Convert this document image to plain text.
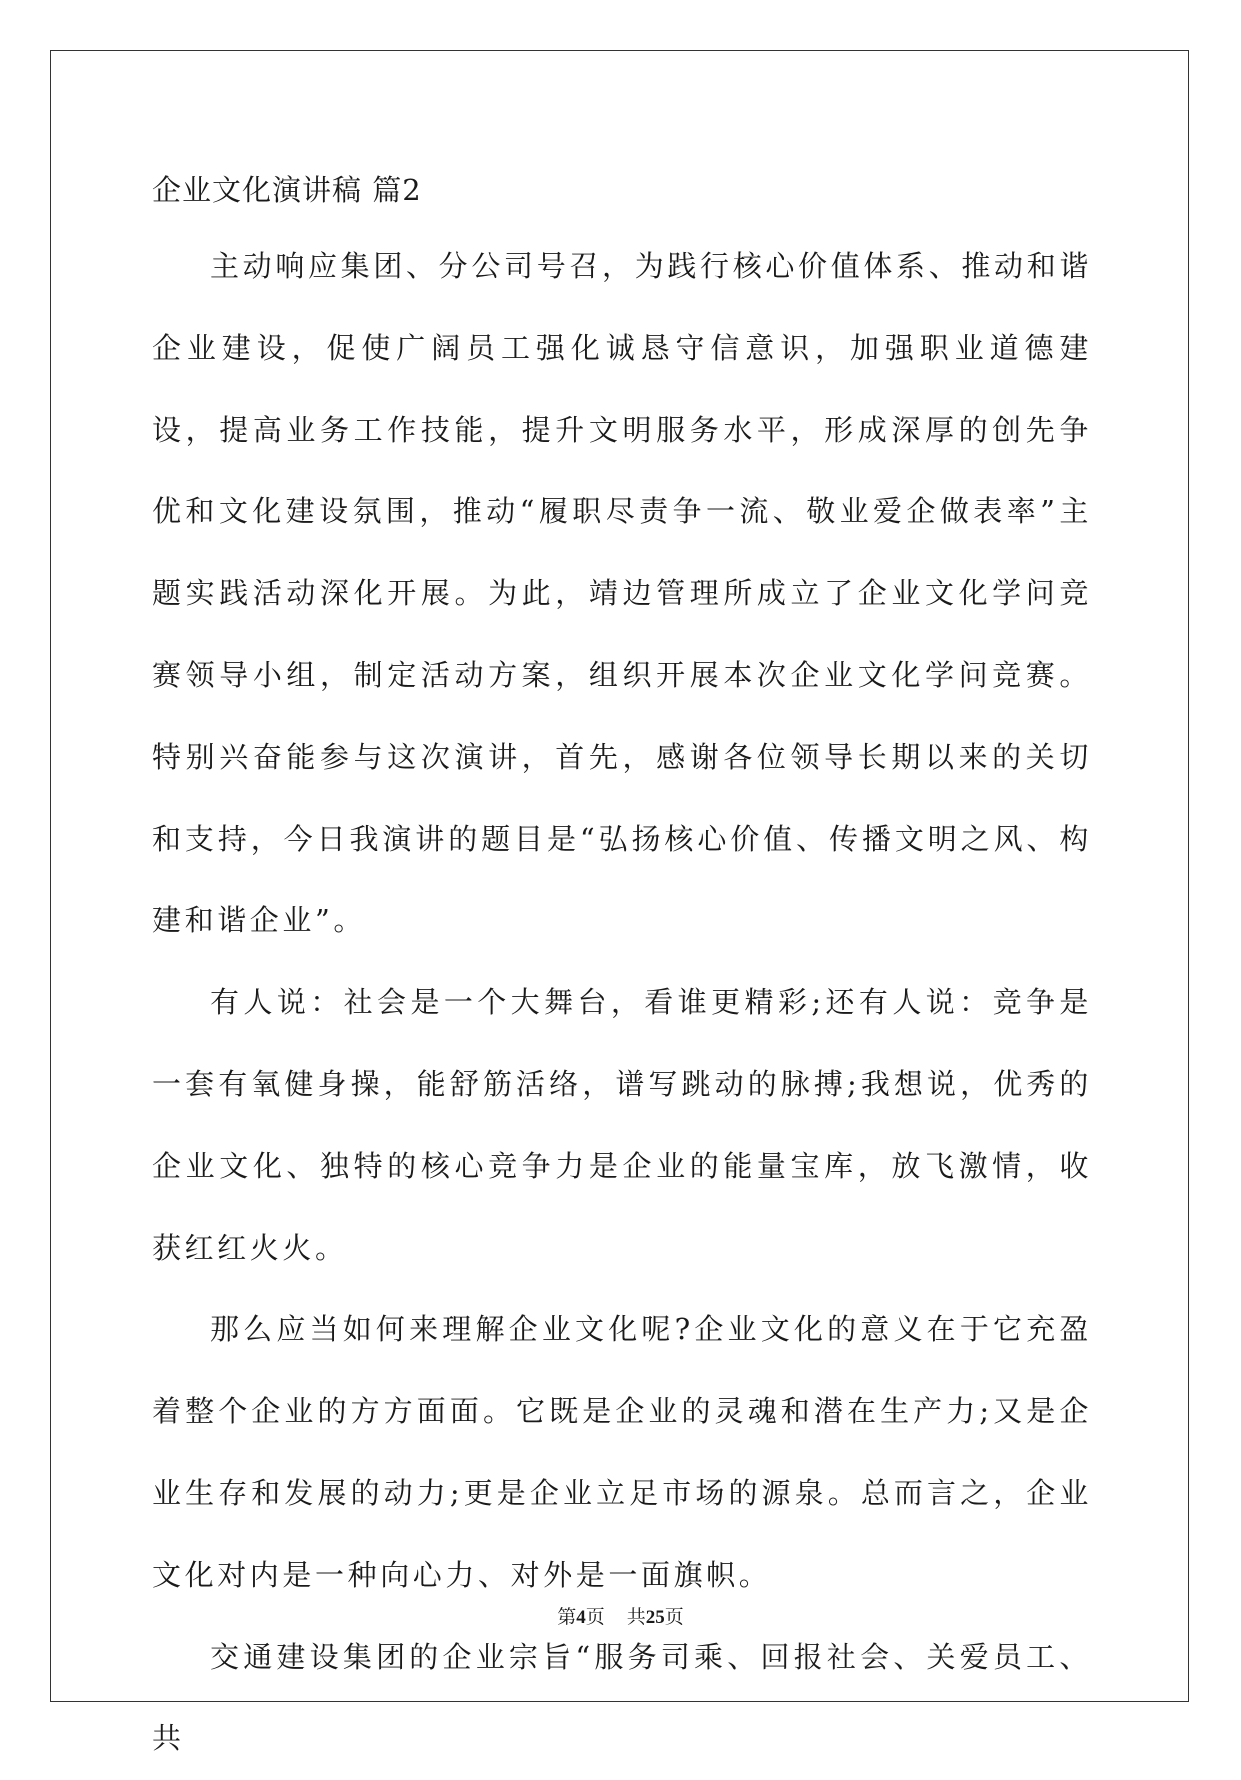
企业文化演讲稿 篇2

主动响应集团、分公司号召，为践行核心价值体系、推动和谐企业建设，促使广阔员工强化诚恳守信意识，加强职业道德建设，提高业务工作技能，提升文明服务水平，形成深厚的创先争优和文化建设氛围，推动“履职尽责争一流、敬业爱企做表率”主题实践活动深化开展。为此，靖边管理所成立了企业文化学问竞赛领导小组，制定活动方案，组织开展本次企业文化学问竞赛。特别兴奋能参与这次演讲，首先，感谢各位领导长期以来的关切和支持，今日我演讲的题目是“弘扬核心价值、传播文明之风、构建和谐企业”。

有人说：社会是一个大舞台，看谁更精彩;还有人说：竞争是一套有氧健身操，能舒筋活络，谱写跳动的脉搏;我想说，优秀的企业文化、独特的核心竞争力是企业的能量宝库，放飞激情，收获红红火火。

那么应当如何来理解企业文化呢?企业文化的意义在于它充盈着整个企业的方方面面。它既是企业的灵魂和潜在生产力;又是企业生存和发展的动力;更是企业立足市场的源泉。总而言之，企业文化对内是一种向心力、对外是一面旗帜。

交通建设集团的企业宗旨“服务司乘、回报社会、关爱员工、共

第4页 共25页
